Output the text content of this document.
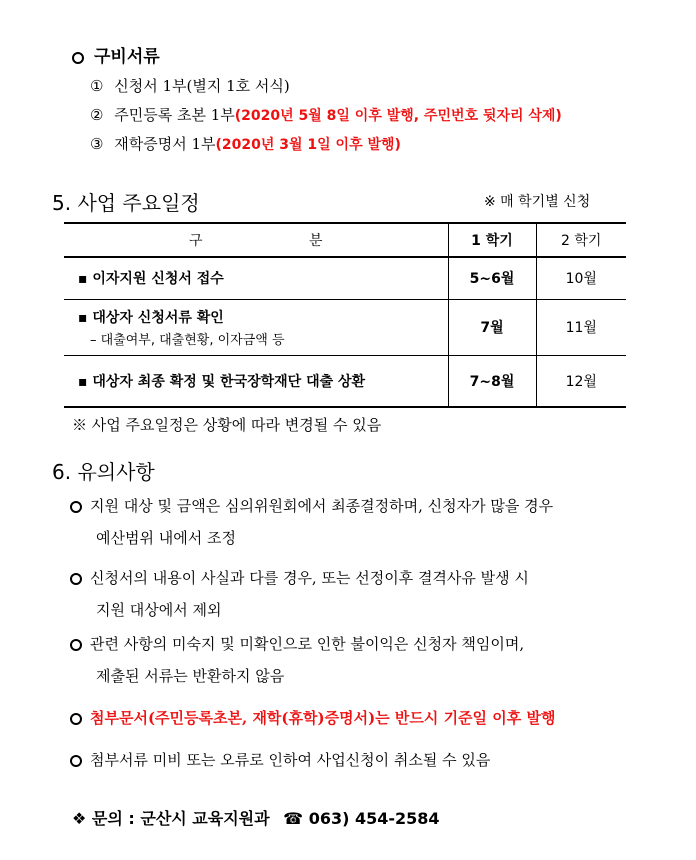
구비서류
① 신청서 1부(별지 1호 서식)
② 주민등록 초본 1부(2020년 5월 8일 이후 발행, 주민번호 뒷자리 삭제)
③ 재학증명서 1부(2020년 3월 1일 이후 발행)
5. 사업 주요일정	※ 매 학기별 신청
구 분	1 학기	2 학기
▪ 이자지원 신청서 접수	5~6월	10월
▪ 대상자 신청서류 확인
– 대출여부, 대출현황, 이자금액 등	7월	11월
▪ 대상자 최종 확정 및 한국장학재단 대출 상환	7~8월	12월
※ 사업 주요일정은 상황에 따라 변경될 수 있음
6. 유의사항
지원 대상 및 금액은 심의위원회에서 최종결정하며, 신청자가 많을 경우
예산범위 내에서 조정
신청서의 내용이 사실과 다를 경우, 또는 선정이후 결격사유 발생 시
지원 대상에서 제외
관련 사항의 미숙지 및 미확인으로 인한 불이익은 신청자 책임이며,
제출된 서류는 반환하지 않음
첨부문서(주민등록초본, 재학(휴학)증명서)는 반드시 기준일 이후 발행
첨부서류 미비 또는 오류로 인하여 사업신청이 취소될 수 있음
❖ 문의 : 군산시 교육지원과 ☎ 063) 454-2584
